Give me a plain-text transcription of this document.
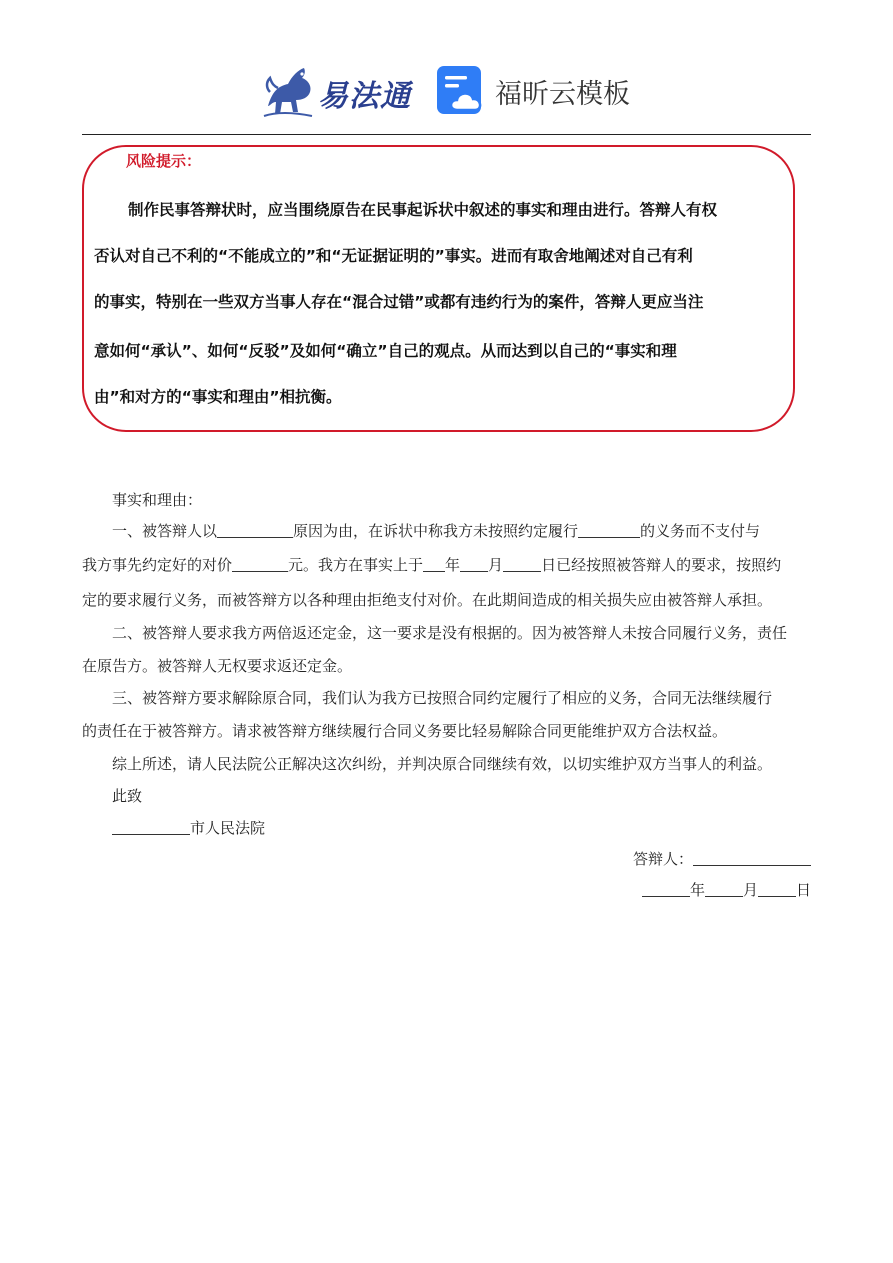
易法通	福昕云模板
风险提示：
制作民事答辩状时，应当围绕原告在民事起诉状中叙述的事实和理由进行。答辩人有权
否认对自己不利的“不能成立的”和“无证据证明的”事实。进而有取舍地阐述对自己有利
的事实，特别在一些双方当事人存在“混合过错”或都有违约行为的案件，答辩人更应当注
意如何“承认”、如何“反驳”及如何“确立”自己的观点。从而达到以自己的“事实和理
由”和对方的“事实和理由”相抗衡。
事实和理由：
一、被答辩人以	原因为由，在诉状中称我方未按照约定履行	的义务而不支付与
我方事先约定好的对价	元。我方在事实上于 年 月	日已经按照被答辩人的要求，按照约
定的要求履行义务，而被答辩方以各种理由拒绝支付对价。在此期间造成的相关损失应由被答辩人承担。
二、被答辩人要求我方两倍返还定金，这一要求是没有根据的。因为被答辩人未按合同履行义务，责任
在原告方。被答辩人无权要求返还定金。
三、被答辩方要求解除原合同，我们认为我方已按照合同约定履行了相应的义务，合同无法继续履行
的责任在于被答辩方。请求被答辩方继续履行合同义务要比轻易解除合同更能维护双方合法权益。
综上所述，请人民法院公正解决这次纠纷，并判决原合同继续有效，以切实维护双方当事人的利益。
此致
市人民法院
答辩人：
年	月	日
